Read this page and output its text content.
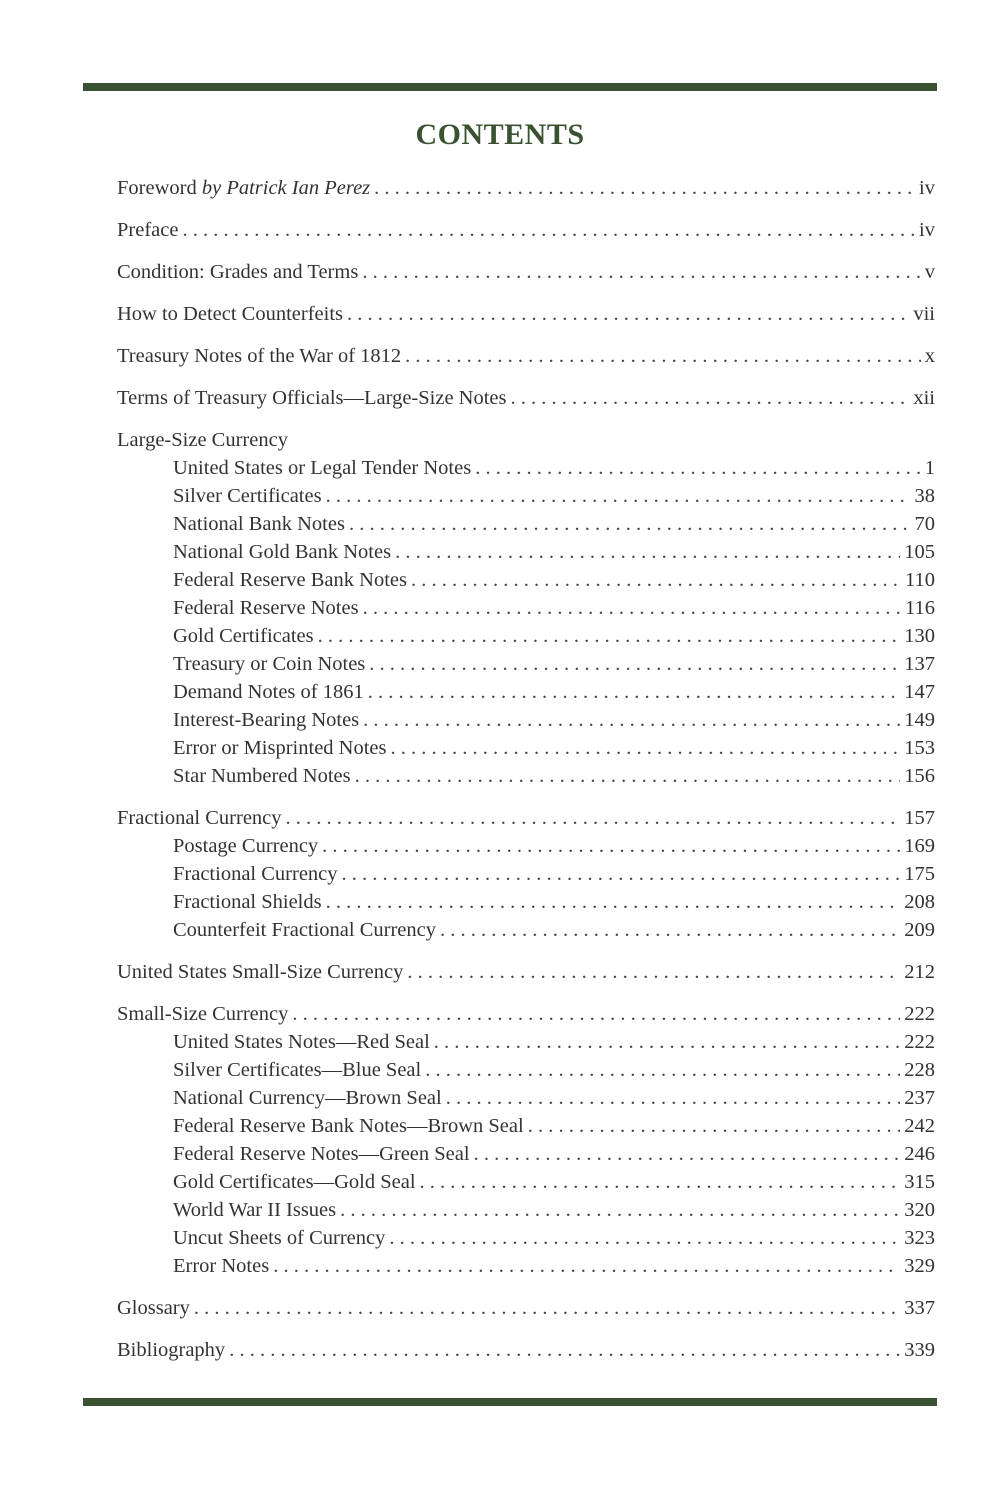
CONTENTS
Foreword by Patrick Ian Perez . . .	iv
Preface . . .	iv
Condition: Grades and Terms . . .	v
How to Detect Counterfeits . . .	vii
Treasury Notes of the War of 1812 . . .	x
Terms of Treasury Officials—Large-Size Notes . . .	xii
Large-Size Currency
United States or Legal Tender Notes . . .	1
Silver Certificates . . .	38
National Bank Notes . . .	70
National Gold Bank Notes . . .	105
Federal Reserve Bank Notes . . .	110
Federal Reserve Notes . . .	116
Gold Certificates . . .	130
Treasury or Coin Notes . . .	137
Demand Notes of 1861 . . .	147
Interest-Bearing Notes . . .	149
Error or Misprinted Notes . . .	153
Star Numbered Notes . . .	156
Fractional Currency . . .	157
Postage Currency . . .	169
Fractional Currency . . .	175
Fractional Shields . . .	208
Counterfeit Fractional Currency . . .	209
United States Small-Size Currency . . .	212
Small-Size Currency . . .	222
United States Notes—Red Seal . . .	222
Silver Certificates—Blue Seal . . .	228
National Currency—Brown Seal . . .	237
Federal Reserve Bank Notes—Brown Seal . . .	242
Federal Reserve Notes—Green Seal . . .	246
Gold Certificates—Gold Seal . . .	315
World War II Issues . . .	320
Uncut Sheets of Currency . . .	323
Error Notes . . .	329
Glossary . . .	337
Bibliography . . .	339
